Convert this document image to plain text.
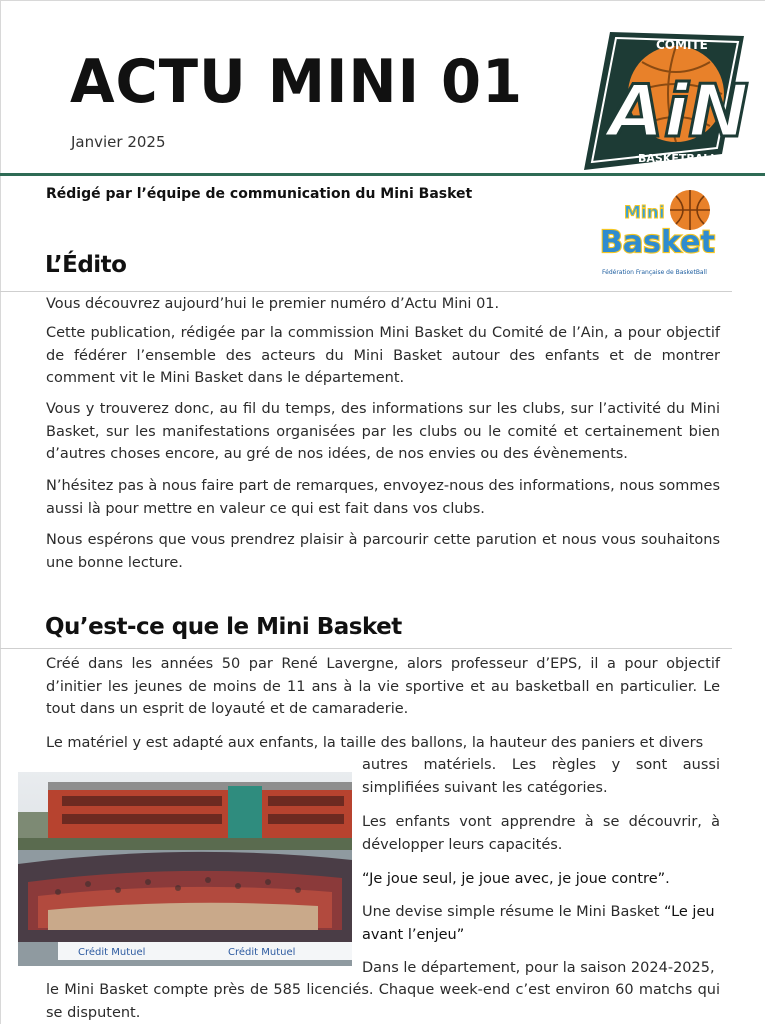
ACTU MINI 01
Janvier 2025
COMITE
AiN
BASKETBALL
Rédigé par l’équipe de communication du Mini Basket
Mini
Basket
Fédération Française de BasketBall
L’Édito

Vous découvrez aujourd’hui le premier numéro d’Actu Mini 01.

Cette publication, rédigée par la commission Mini Basket du Comité de l’Ain, a pour objectif de fédérer l’ensemble des acteurs du Mini Basket autour des enfants et de montrer comment vit le Mini Basket dans le département.

Vous y trouverez donc, au fil du temps, des informations sur les clubs, sur l’activité du Mini Basket, sur les manifestations organisées par les clubs ou le comité et certainement bien d’autres choses encore, au gré de nos idées, de nos envies ou des évènements.

N’hésitez pas à nous faire part de remarques, envoyez-nous des informations, nous sommes aussi là pour mettre en valeur ce qui est fait dans vos clubs.

Nous espérons que vous prendrez plaisir à parcourir cette parution et nous vous souhaitons une bonne lecture.

Qu’est-ce que le Mini Basket

Créé dans les années 50 par René Lavergne, alors professeur d’EPS, il a pour objectif d’initier les jeunes de moins de 11 ans à la vie sportive et au basketball en particulier. Le tout dans un esprit de loyauté et de camaraderie.

Le matériel y est adapté aux enfants, la taille des ballons, la hauteur des paniers et divers

autres matériels. Les règles y sont aussi simplifiées suivant les catégories.

Les enfants vont apprendre à se découvrir, à développer leurs capacités.

“Je joue seul, je joue avec, je joue contre”.

Une devise simple résume le Mini Basket “Le jeu avant l’enjeu”

Dans le département, pour la saison 2024-2025,

le Mini Basket compte près de 585 licenciés. Chaque week-end c’est environ 60 matchs qui se disputent.

Crédit Mutuel	Crédit Mutuel
